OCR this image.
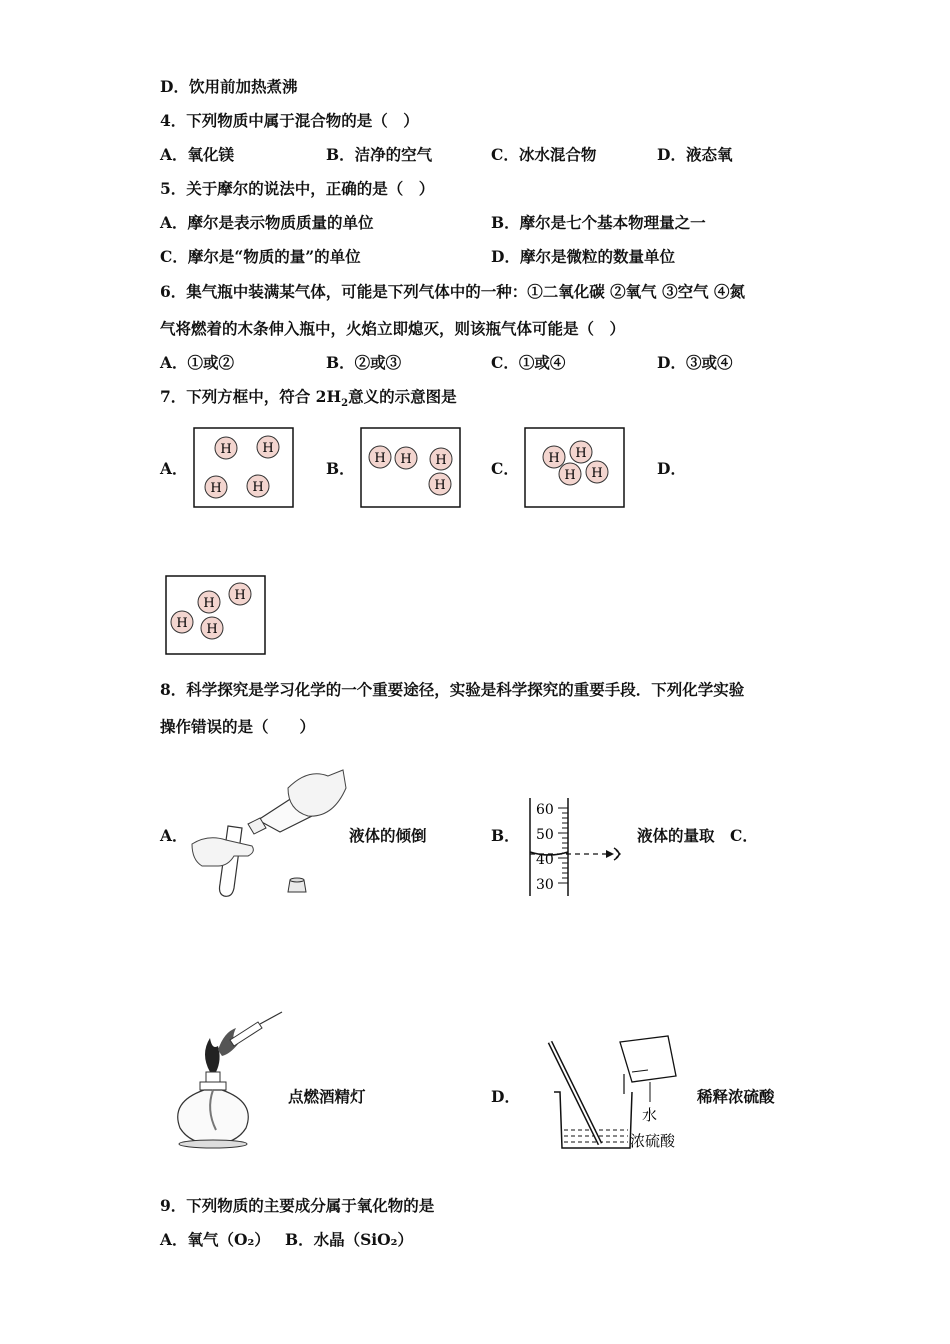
D．饮用前加热煮沸
4．下列物质中属于混合物的是（　）
A．氧化镁	B．洁净的空气	C．冰水混合物	D．液态氧
5．关于摩尔的说法中，正确的是（　）
A．摩尔是表示物质质量的单位	B．摩尔是七个基本物理量之一
C．摩尔是“物质的量”的单位	D．摩尔是微粒的数量单位
6．集气瓶中装满某气体，可能是下列气体中的一种：①二氧化碳 ②氧气 ③空气 ④氮
气将燃着的木条伸入瓶中，火焰立即熄灭，则该瓶气体可能是（　）
A．①或②	B．②或③	C．①或④	D．③或④
7．下列方框中，符合 $2H_2$意义的示意图是
A．	B．	C．	D．
H H
H H
H H H
H
H H
H H
H
H
H
H
8．科学探究是学习化学的一个重要途径，实验是科学探究的重要手段．下列化学实验
操作错误的是（　　）
A．	液体的倾倒	B．
60
50
40
30
液体的量取 C．
点燃酒精灯	D．
水
浓硫酸
稀释浓硫酸
9．下列物质的主要成分属于氧化物的是
A．氧气（O₂） B．水晶（SiO₂）
